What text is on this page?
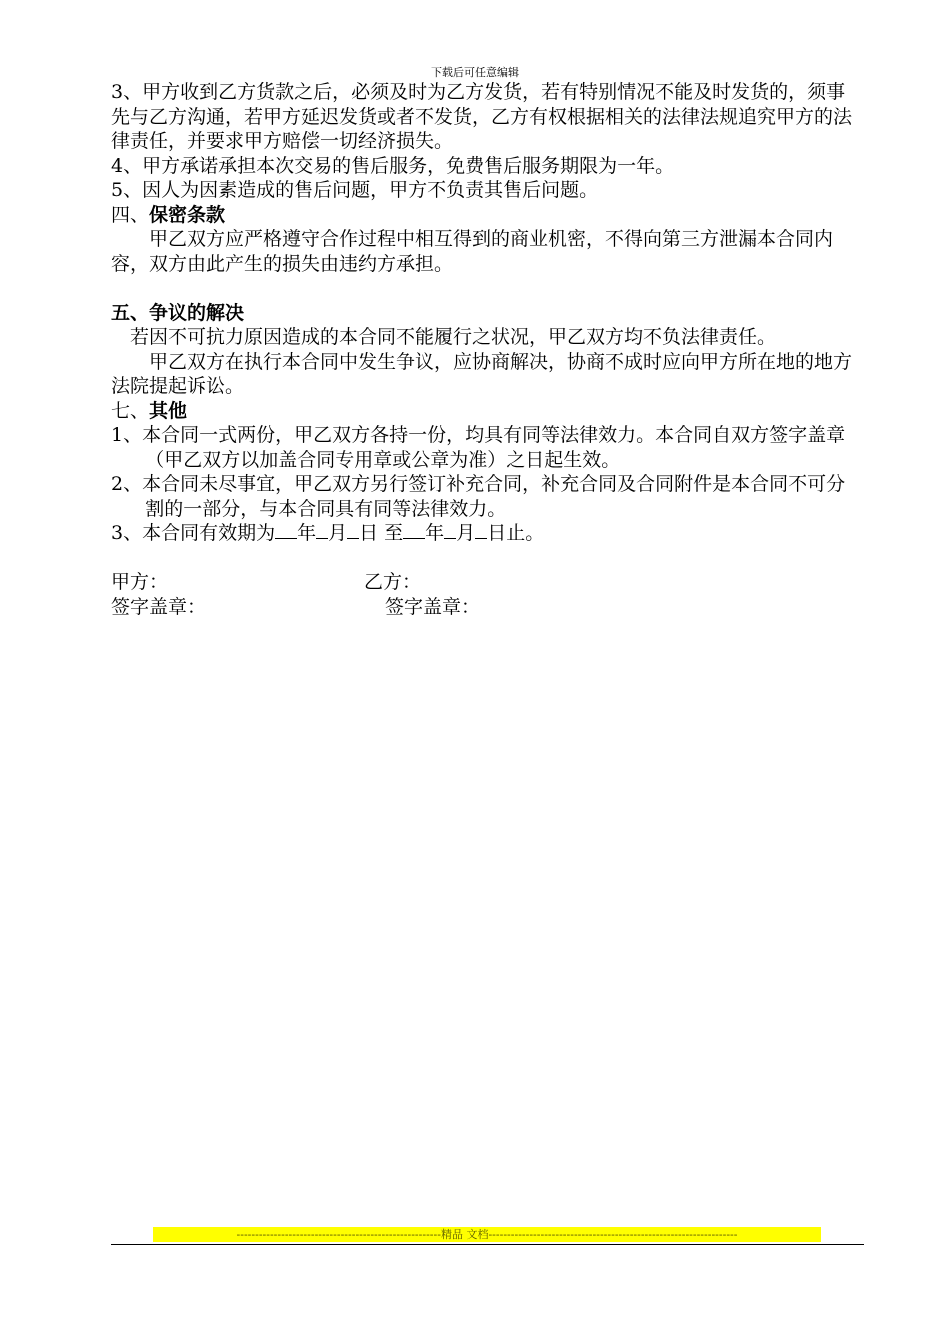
下载后可任意编辑

3、甲方收到乙方货款之后，必须及时为乙方发货，若有特别情况不能及时发货的，须事先与乙方沟通，若甲方延迟发货或者不发货，乙方有权根据相关的法律法规追究甲方的法律责任，并要求甲方赔偿一切经济损失。

4、甲方承诺承担本次交易的售后服务，免费售后服务期限为一年。

5、因人为因素造成的售后问题，甲方不负责其售后问题。

四、保密条款

甲乙双方应严格遵守合作过程中相互得到的商业机密，不得向第三方泄漏本合同内容，双方由此产生的损失由违约方承担。

五、争议的解决

若因不可抗力原因造成的本合同不能履行之状况，甲乙双方均不负法律责任。

甲乙双方在执行本合同中发生争议，应协商解决，协商不成时应向甲方所在地的地方法院提起诉讼。

七、其他

1、本合同一式两份，甲乙双方各持一份，均具有同等法律效力。本合同自双方签字盖章（甲乙双方以加盖合同专用章或公章为准）之日起生效。

2、本合同未尽事宜，甲乙双方另行签订补充合同，补充合同及合同附件是本合同不可分割的一部分，与本合同具有同等法律效力。

3、本合同有效期为 年 月 日 至 年 月 日止。

甲方：	乙方：
签字盖章：	签字盖章：
-------------------------------------------------------精品 文档-------------------------------------------------------------------
